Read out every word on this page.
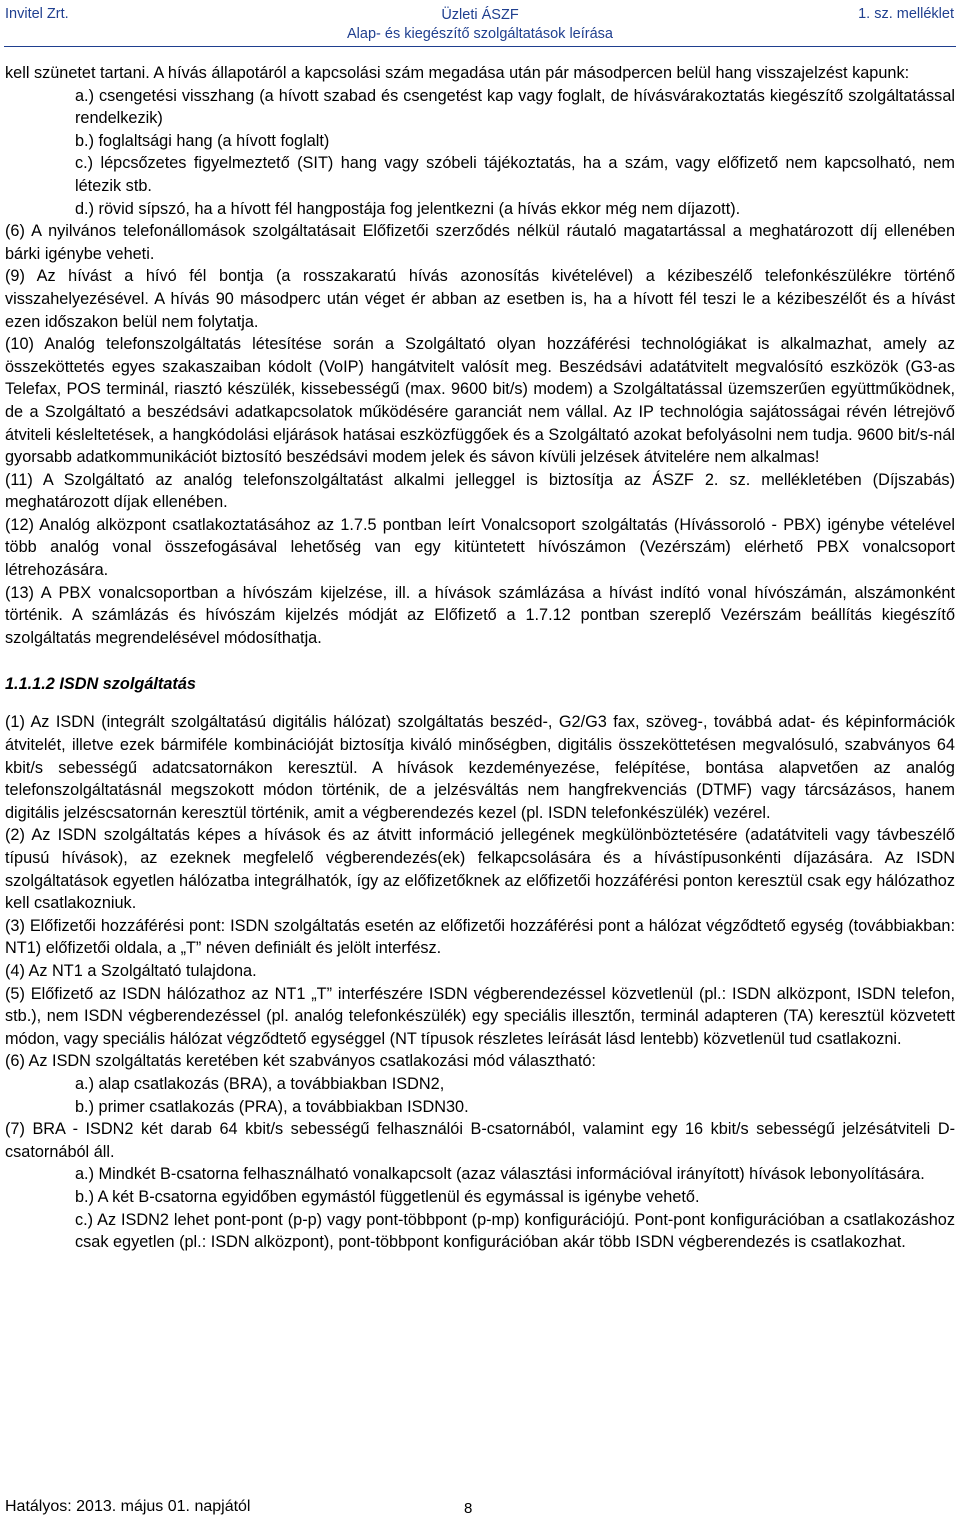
Invitel Zrt.	Üzleti ÁSZF
Alap- és kiegészítő szolgáltatások leírása
1. sz. melléklet

kell szünetet tartani. A hívás állapotáról a kapcsolási szám megadása után pár másodpercen belül hang visszajelzést kapunk:

a.) csengetési visszhang (a hívott szabad és csengetést kap vagy foglalt, de hívásvárakoztatás kiegészítő szolgáltatással rendelkezik)

b.) foglaltsági hang (a hívott foglalt)

c.) lépcsőzetes figyelmeztető (SIT) hang vagy szóbeli tájékoztatás, ha a szám, vagy előfizető nem kapcsolható, nem létezik stb.

d.) rövid sípszó, ha a hívott fél hangpostája fog jelentkezni (a hívás ekkor még nem díjazott).

(6) A nyilvános telefonállomások szolgáltatásait Előfizetői szerződés nélkül ráutaló magatartással a meghatározott díj ellenében bárki igénybe veheti.

(9) Az hívást a hívó fél bontja (a rosszakaratú hívás azonosítás kivételével) a kézibeszélő telefonkészülékre történő visszahelyezésével. A hívás 90 másodperc után véget ér abban az esetben is, ha a hívott fél teszi le a kézibeszélőt és a hívást ezen időszakon belül nem folytatja.

(10) Analóg telefonszolgáltatás létesítése során a Szolgáltató olyan hozzáférési technológiákat is alkalmazhat, amely az összeköttetés egyes szakaszaiban kódolt (VoIP) hangátvitelt valósít meg. Beszédsávi adatátvitelt megvalósító eszközök (G3-as Telefax, POS terminál, riasztó készülék, kissebességű (max. 9600 bit/s) modem) a Szolgáltatással üzemszerűen együttműködnek, de a Szolgáltató a beszédsávi adatkapcsolatok működésére garanciát nem vállal. Az IP technológia sajátosságai révén létrejövő átviteli késleltetések, a hangkódolási eljárások hatásai eszközfüggőek és a Szolgáltató azokat befolyásolni nem tudja. 9600 bit/s-nál gyorsabb adatkommunikációt biztosító beszédsávi modem jelek és sávon kívüli jelzések átvitelére nem alkalmas!

(11) A Szolgáltató az analóg telefonszolgáltatást alkalmi jelleggel is biztosítja az ÁSZF 2. sz. mellékletében (Díjszabás) meghatározott díjak ellenében.

(12) Analóg alközpont csatlakoztatásához az 1.7.5 pontban leírt Vonalcsoport szolgáltatás (Hívássoroló - PBX) igénybe vételével több analóg vonal összefogásával lehetőség van egy kitüntetett hívószámon (Vezérszám) elérhető PBX vonalcsoport létrehozására.

(13) A PBX vonalcsoportban a hívószám kijelzése, ill. a hívások számlázása a hívást indító vonal hívószámán, alszámonként történik. A számlázás és hívószám kijelzés módját az Előfizető a 1.7.12 pontban szereplő Vezérszám beállítás kiegészítő szolgáltatás megrendelésével módosíthatja.

1.1.1.2 ISDN szolgáltatás

(1) Az ISDN (integrált szolgáltatású digitális hálózat) szolgáltatás beszéd-, G2/G3 fax, szöveg-, továbbá adat- és képinformációk átvitelét, illetve ezek bármiféle kombinációját biztosítja kiváló minőségben, digitális összeköttetésen megvalósuló, szabványos 64 kbit/s sebességű adatcsatornákon keresztül. A hívások kezdeményezése, felépítése, bontása alapvetően az analóg telefonszolgáltatásnál megszokott módon történik, de a jelzésváltás nem hangfrekvenciás (DTMF) vagy tárcsázásos, hanem digitális jelzéscsatornán keresztül történik, amit a végberendezés kezel (pl. ISDN telefonkészülék) vezérel.

(2) Az ISDN szolgáltatás képes a hívások és az átvitt információ jellegének megkülönböztetésére (adatátviteli vagy távbeszélő típusú hívások), az ezeknek megfelelő végberendezés(ek) felkapcsolására és a hívástípusonkénti díjazására. Az ISDN szolgáltatások egyetlen hálózatba integrálhatók, így az előfizetőknek az előfizetői hozzáférési ponton keresztül csak egy hálózathoz kell csatlakozniuk.

(3) Előfizetői hozzáférési pont: ISDN szolgáltatás esetén az előfizetői hozzáférési pont a hálózat végződtető egység (továbbiakban: NT1) előfizetői oldala, a „T” néven definiált és jelölt interfész.

(4) Az NT1 a Szolgáltató tulajdona.

(5) Előfizető az ISDN hálózathoz az NT1 „T” interfészére ISDN végberendezéssel közvetlenül (pl.: ISDN alközpont, ISDN telefon, stb.), nem ISDN végberendezéssel (pl. analóg telefonkészülék) egy speciális illesztőn, terminál adapteren (TA) keresztül közvetett módon, vagy speciális hálózat végződtető egységgel (NT típusok részletes leírását lásd lentebb) közvetlenül tud csatlakozni.

(6) Az ISDN szolgáltatás keretében két szabványos csatlakozási mód választható:

a.) alap csatlakozás (BRA), a továbbiakban ISDN2,

b.) primer csatlakozás (PRA), a továbbiakban ISDN30.

(7) BRA - ISDN2 két darab 64 kbit/s sebességű felhasználói B-csatornából, valamint egy 16 kbit/s sebességű jelzésátviteli D-csatornából áll.

a.) Mindkét B-csatorna felhasználható vonalkapcsolt (azaz választási információval irányított) hívások lebonyolítására.

b.) A két B-csatorna egyidőben egymástól függetlenül és egymással is igénybe vehető.

c.) Az ISDN2 lehet pont-pont (p-p) vagy pont-többpont (p-mp) konfigurációjú. Pont-pont konfigurációban a csatlakozáshoz csak egyetlen (pl.: ISDN alközpont), pont-többpont konfigurációban akár több ISDN végberendezés is csatlakozhat.

Hatályos: 2013. május 01. napjától	8
